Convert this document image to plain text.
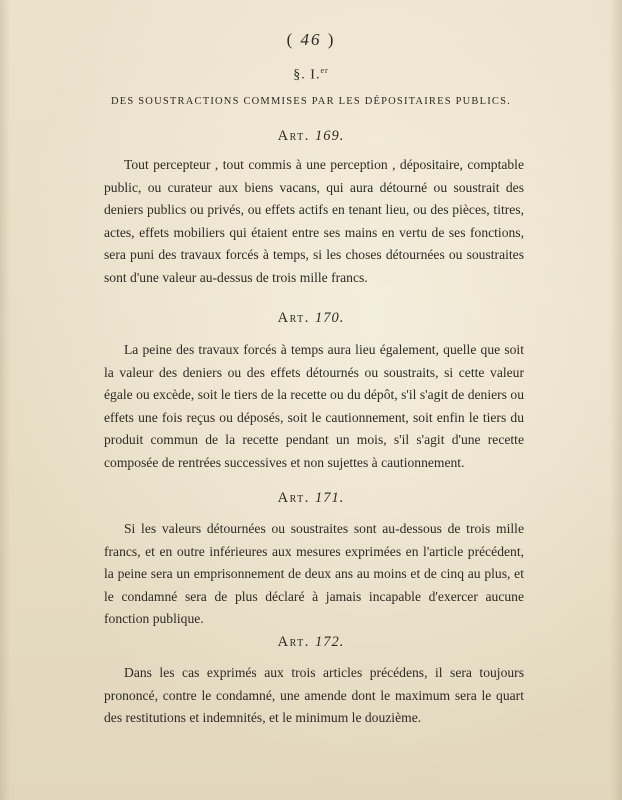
( 46 )
§. I.$^{er}$
DES SOUSTRACTIONS COMMISES PAR LES DÉPOSITAIRES PUBLICS.
Art. 169.

Tout percepteur , tout commis à une perception , dépositaire, comptable public, ou curateur aux biens vacans, qui aura détourné ou soustrait des deniers publics ou privés, ou effets actifs en tenant lieu, ou des pièces, titres, actes, effets mobiliers qui étaient entre ses mains en vertu de ses fonctions, sera puni des travaux forcés à temps, si les choses détournées ou soustraites sont d'une valeur au-dessus de trois mille francs.

Art. 170.

La peine des travaux forcés à temps aura lieu également, quelle que soit la valeur des deniers ou des effets détournés ou soustraits, si cette valeur égale ou excède, soit le tiers de la recette ou du dépôt, s'il s'agit de deniers ou effets une fois reçus ou déposés, soit le cautionnement, soit enfin le tiers du produit commun de la recette pendant un mois, s'il s'agit d'une recette composée de rentrées successives et non sujettes à cautionnement.

Art. 171.

Si les valeurs détournées ou soustraites sont au-dessous de trois mille francs, et en outre inférieures aux mesures exprimées en l'article précédent, la peine sera un emprisonnement de deux ans au moins et de cinq au plus, et le condamné sera de plus déclaré à jamais incapable d'exercer aucune fonction publique.

Art. 172.

Dans les cas exprimés aux trois articles précédens, il sera toujours prononcé, contre le condamné, une amende dont le maximum sera le quart des restitutions et indemnités, et le minimum le douzième.
